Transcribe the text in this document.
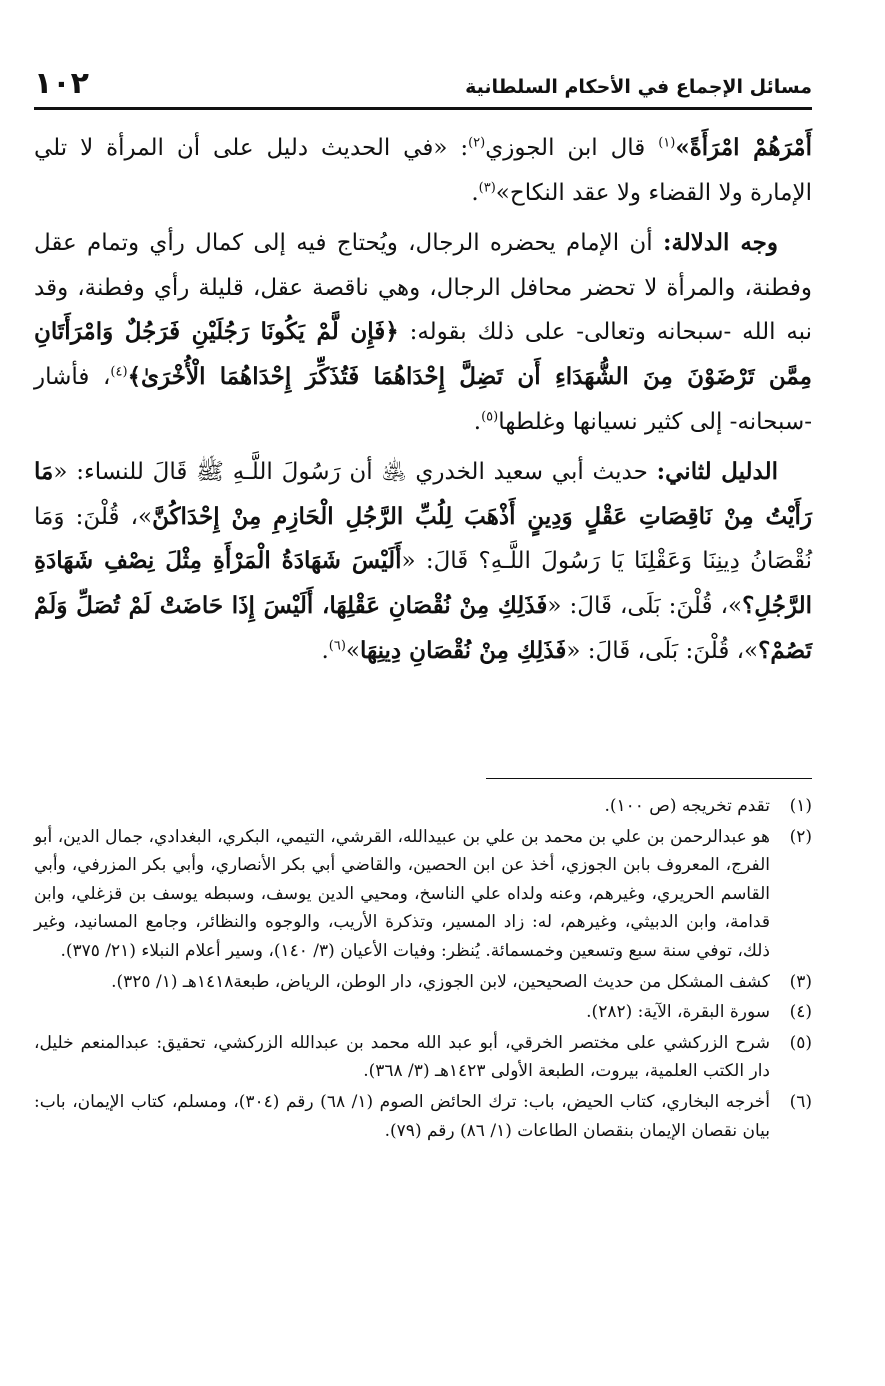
مسائل الإجماع في الأحكام السلطانية
١٠٢

أَمْرَهُمْ امْرَأَةً»$^{(١)}$ قال ابن الجوزي$^{(٢)}$: «في الحديث دليل على أن المرأة لا تلي الإمارة ولا القضاء ولا عقد النكاح»$^{(٣)}$.

وجه الدلالة: أن الإمام يحضره الرجال، ويُحتاج فيه إلى كمال رأي وتمام عقل وفطنة، والمرأة لا تحضر محافل الرجال، وهي ناقصة عقل، قليلة رأي وفطنة، وقد نبه الله -سبحانه وتعالى- على ذلك بقوله: ﴿فَإِن لَّمْ يَكُونَا رَجُلَيْنِ فَرَجُلٌ وَامْرَأَتَانِ مِمَّن تَرْضَوْنَ مِنَ الشُّهَدَاءِ أَن تَضِلَّ إِحْدَاهُمَا فَتُذَكِّرَ إِحْدَاهُمَا الْأُخْرَىٰ﴾$^{(٤)}$، فأشار -سبحانه- إلى كثير نسيانها وغلطها$^{(٥)}$.

الدليل لثاني: حديث أبي سعيد الخدري ﵁ أن رَسُولَ اللَّـهِ ﷺ قَالَ للنساء: «مَا رَأَيْتُ مِنْ نَاقِصَاتِ عَقْلٍ وَدِينٍ أَذْهَبَ لِلُبِّ الرَّجُلِ الْحَازِمِ مِنْ إِحْدَاكُنَّ»، قُلْنَ: وَمَا نُقْصَانُ دِينِنَا وَعَقْلِنَا يَا رَسُولَ اللَّـهِ؟ قَالَ: «أَلَيْسَ شَهَادَةُ الْمَرْأَةِ مِثْلَ نِصْفِ شَهَادَةِ الرَّجُلِ؟»، قُلْنَ: بَلَى، قَالَ: «فَذَلِكِ مِنْ نُقْصَانِ عَقْلِهَا، أَلَيْسَ إِذَا حَاضَتْ لَمْ تُصَلِّ وَلَمْ تَصُمْ؟»، قُلْنَ: بَلَى، قَالَ: «فَذَلِكِ مِنْ نُقْصَانِ دِينِهَا»$^{(٦)}$.

(١)
تقدم تخريجه (ص ١٠٠).
(٢)
هو عبدالرحمن بن علي بن محمد بن علي بن عبيدالله، القرشي، التيمي، البكري، البغدادي، جمال الدين، أبو الفرج، المعروف بابن الجوزي، أخذ عن ابن الحصين، والقاضي أبي بكر الأنصاري، وأبي بكر المزرفي، وأبي القاسم الحريري، وغيرهم، وعنه ولداه علي الناسخ، ومحيي الدين يوسف، وسبطه يوسف بن قزغلي، وابن قدامة، وابن الدبيثي، وغيرهم، له: زاد المسير، وتذكرة الأريب، والوجوه والنظائر، وجامع المسانيد، وغير ذلك، توفي سنة سبع وتسعين وخمسمائة. يُنظر: وفيات الأعيان (٣/ ١٤٠)، وسير أعلام النبلاء (٢١/ ٣٧٥).
(٣)
كشف المشكل من حديث الصحيحين، لابن الجوزي، دار الوطن، الرياض، طبعة١٤١٨هـ (١/ ٣٢٥).
(٤)
سورة البقرة، الآية: (٢٨٢).
(٥)
شرح الزركشي على مختصر الخرقي، أبو عبد الله محمد بن عبدالله الزركشي، تحقيق: عبدالمنعم خليل، دار الكتب العلمية، بيروت، الطبعة الأولى ١٤٢٣هـ (٣/ ٣٦٨).
(٦)
أخرجه البخاري، كتاب الحيض، باب: ترك الحائض الصوم (١/ ٦٨) رقم (٣٠٤)، ومسلم، كتاب الإيمان، باب: بيان نقصان الإيمان بنقصان الطاعات (١/ ٨٦) رقم (٧٩).
